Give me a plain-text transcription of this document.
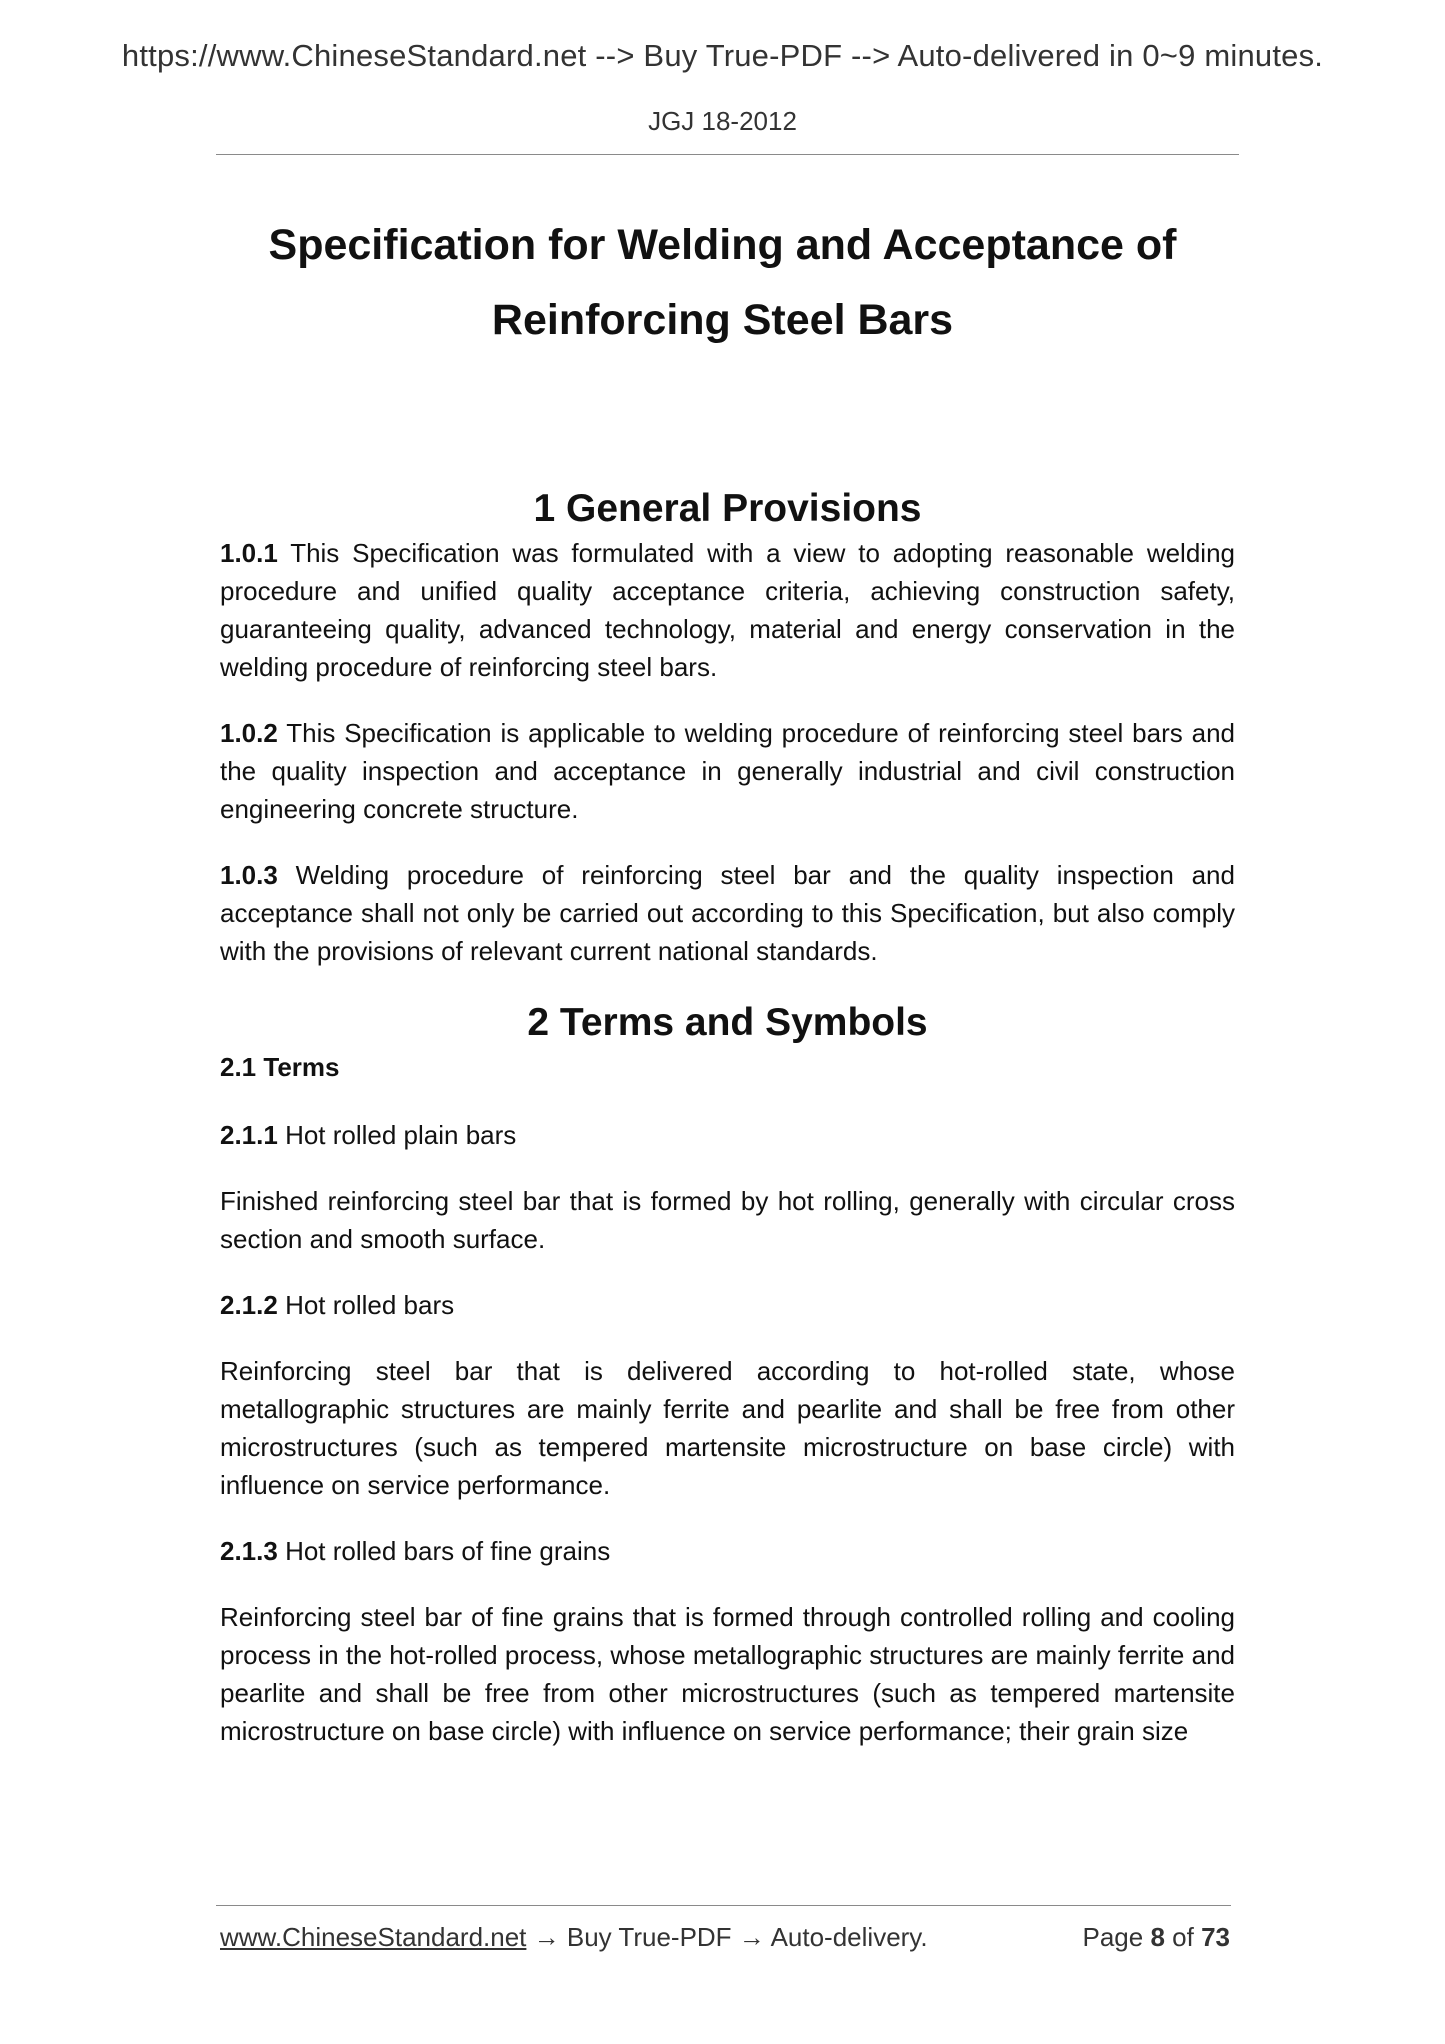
https://www.ChineseStandard.net --> Buy True-PDF --> Auto-delivered in 0~9 minutes.
JGJ 18-2012
Specification for Welding and Acceptance of
Reinforcing Steel Bars
1 General Provisions

1.0.1 This Specification was formulated with a view to adopting reasonable welding procedure and unified quality acceptance criteria, achieving construction safety, guaranteeing quality, advanced technology, material and energy conservation in the welding procedure of reinforcing steel bars.

1.0.2 This Specification is applicable to welding procedure of reinforcing steel bars and the quality inspection and acceptance in generally industrial and civil construction engineering concrete structure.

1.0.3 Welding procedure of reinforcing steel bar and the quality inspection and acceptance shall not only be carried out according to this Specification, but also comply with the provisions of relevant current national standards.

2 Terms and Symbols
2.1 Terms

2.1.1 Hot rolled plain bars

Finished reinforcing steel bar that is formed by hot rolling, generally with circular cross section and smooth surface.

2.1.2 Hot rolled bars

Reinforcing steel bar that is delivered according to hot-rolled state, whose metallographic structures are mainly ferrite and pearlite and shall be free from other microstructures (such as tempered martensite microstructure on base circle) with influence on service performance.

2.1.3 Hot rolled bars of fine grains

Reinforcing steel bar of fine grains that is formed through controlled rolling and cooling process in the hot-rolled process, whose metallographic structures are mainly ferrite and pearlite and shall be free from other microstructures (such as tempered martensite microstructure on base circle) with influence on service performance; their grain size

www.ChineseStandard.net → Buy True-PDF → Auto-delivery.	Page 8 of 73
